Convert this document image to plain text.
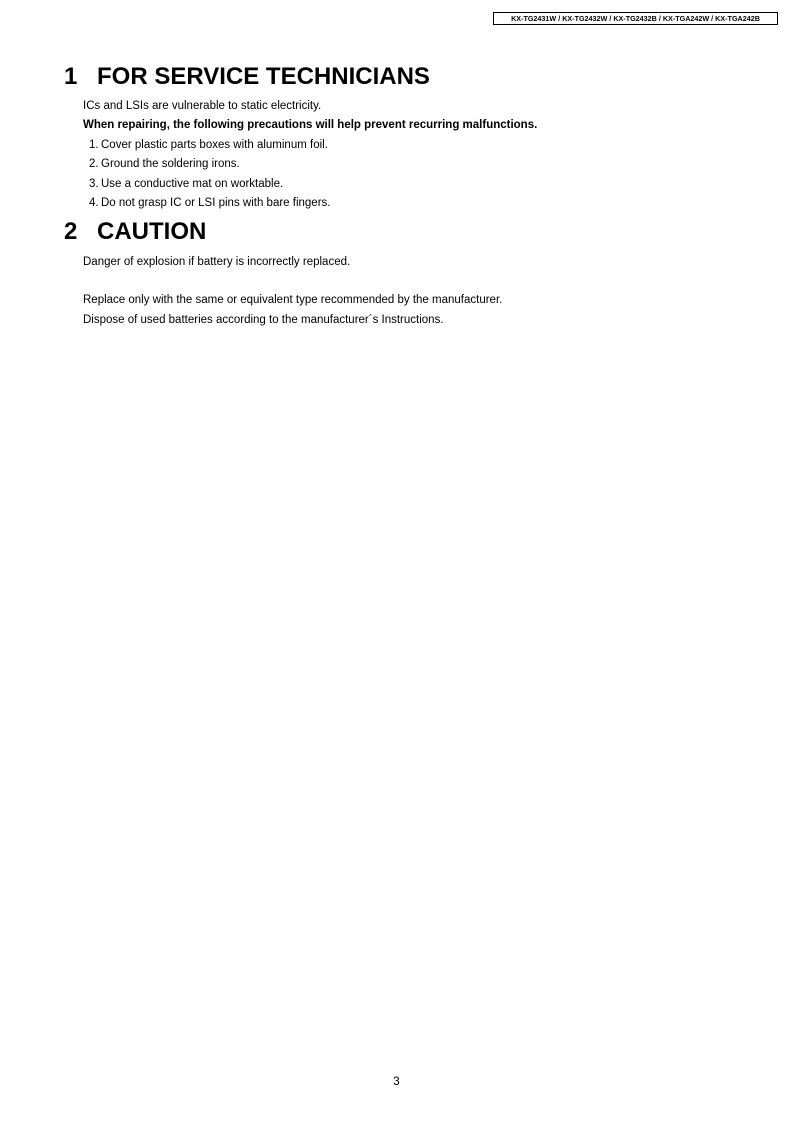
KX-TG2431W / KX-TG2432W / KX-TG2432B / KX-TGA242W / KX-TGA242B
1 FOR SERVICE TECHNICIANS
ICs and LSIs are vulnerable to static electricity.
When repairing, the following precautions will help prevent recurring malfunctions.
1. Cover plastic parts boxes with aluminum foil.
2. Ground the soldering irons.
3. Use a conductive mat on worktable.
4. Do not grasp IC or LSI pins with bare fingers.
2 CAUTION
Danger of explosion if battery is incorrectly replaced.
Replace only with the same or equivalent type recommended by the manufacturer.
Dispose of used batteries according to the manufacturer´s Instructions.
3
